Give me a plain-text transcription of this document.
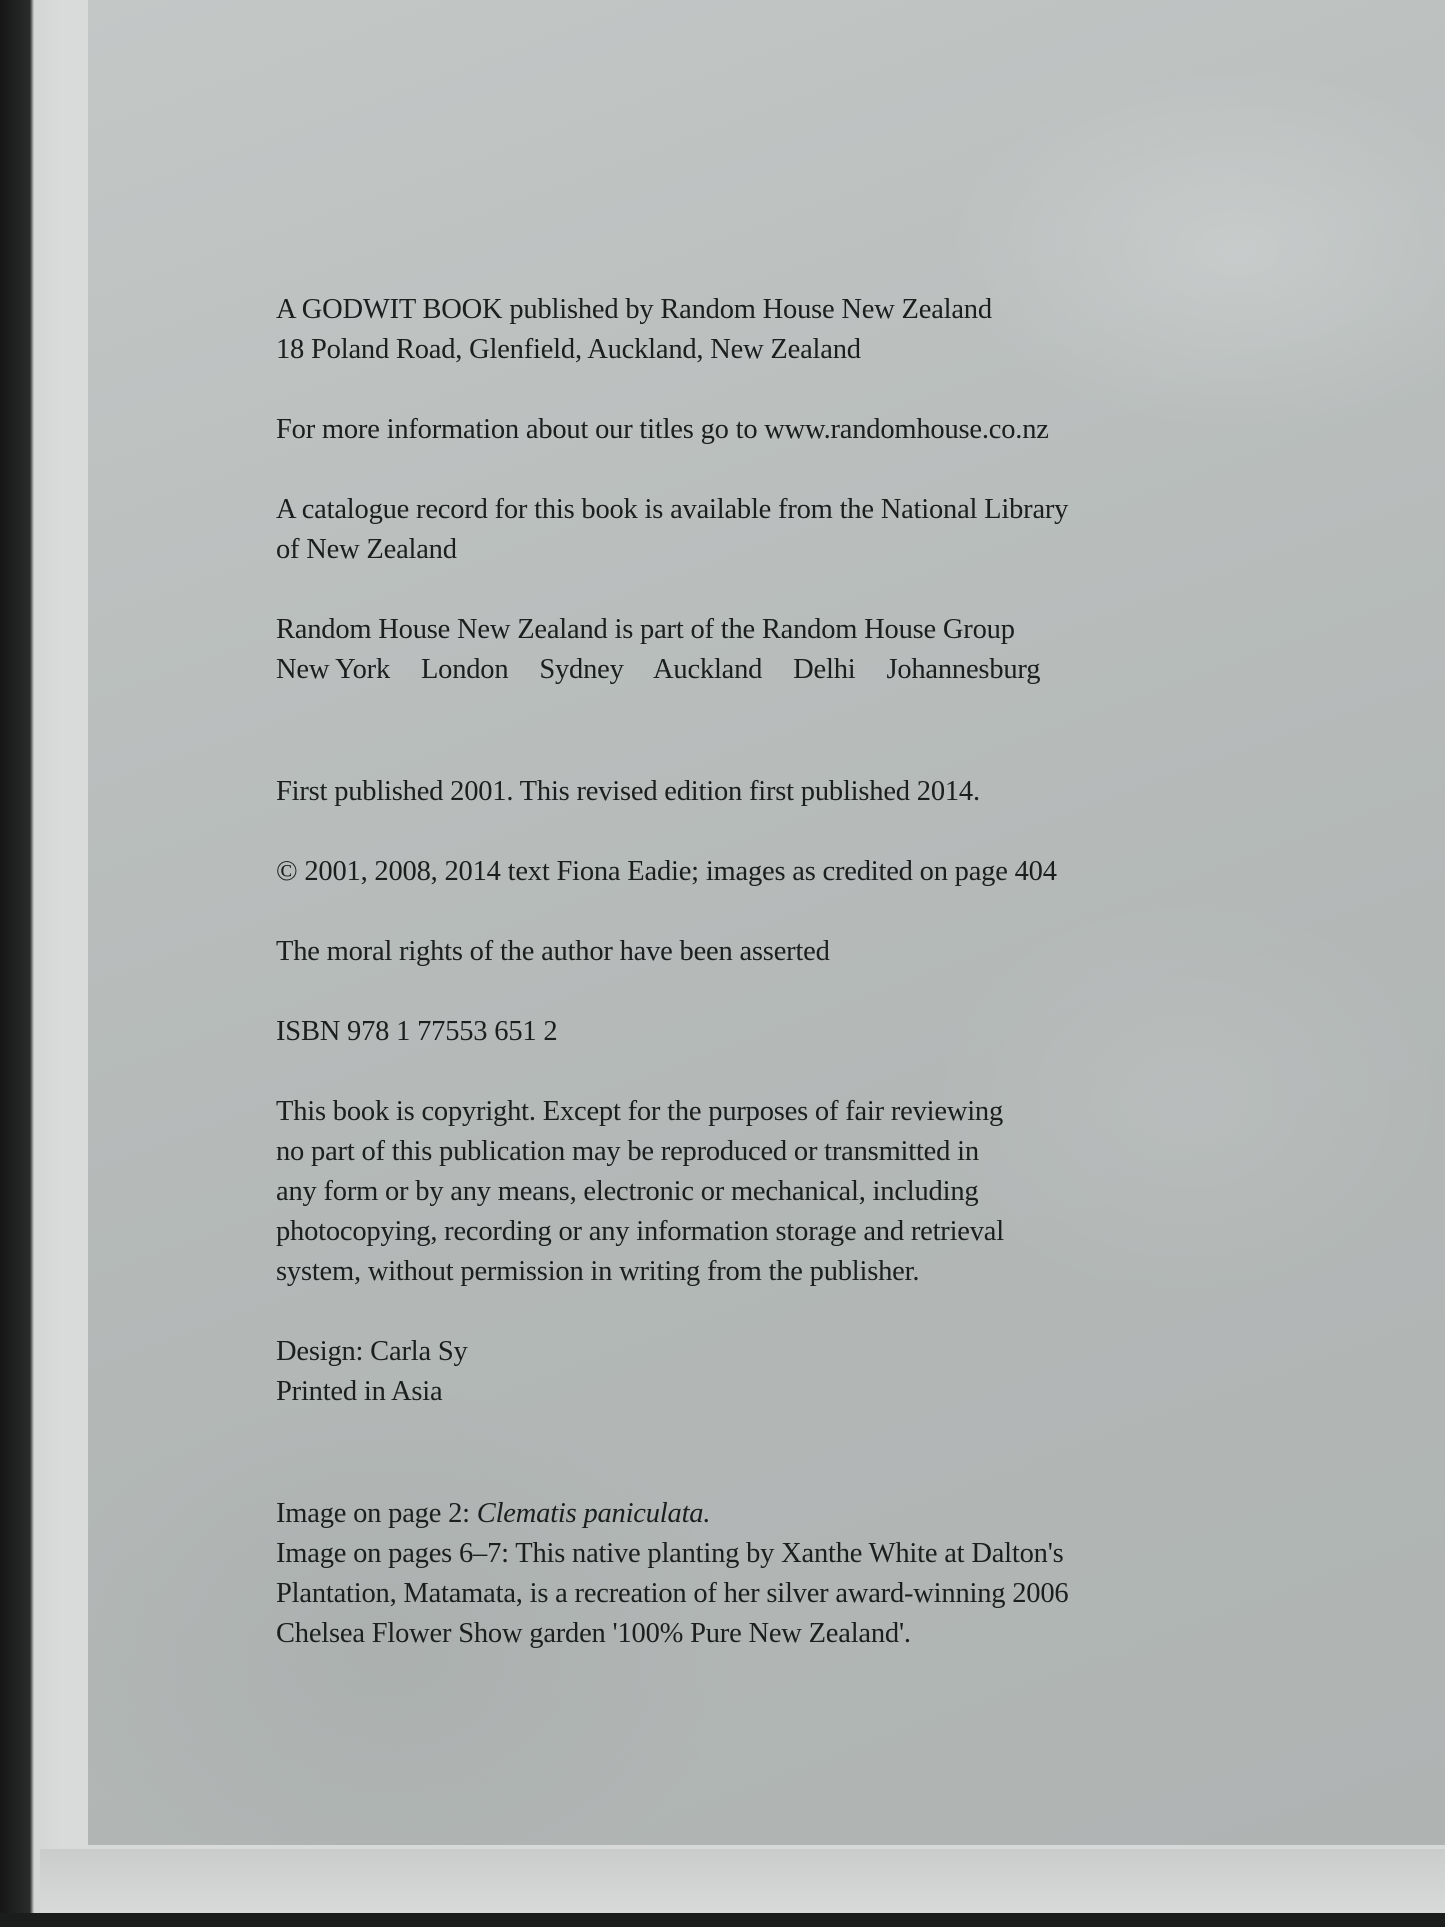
A GODWIT BOOK published by Random House New Zealand
18 Poland Road, Glenfield, Auckland, New Zealand
For more information about our titles go to www.randomhouse.co.nz
A catalogue record for this book is available from the National Library
of New Zealand
Random House New Zealand is part of the Random House Group
New York London Sydney Auckland Delhi Johannesburg
First published 2001. This revised edition first published 2014.
© 2001, 2008, 2014 text Fiona Eadie; images as credited on page 404
The moral rights of the author have been asserted
ISBN 978 1 77553 651 2
This book is copyright. Except for the purposes of fair reviewing
no part of this publication may be reproduced or transmitted in
any form or by any means, electronic or mechanical, including
photocopying, recording or any information storage and retrieval
system, without permission in writing from the publisher.
Design: Carla Sy
Printed in Asia
Image on page 2: Clematis paniculata.
Image on pages 6–7: This native planting by Xanthe White at Dalton's
Plantation, Matamata, is a recreation of her silver award-winning 2006
Chelsea Flower Show garden '100% Pure New Zealand'.
